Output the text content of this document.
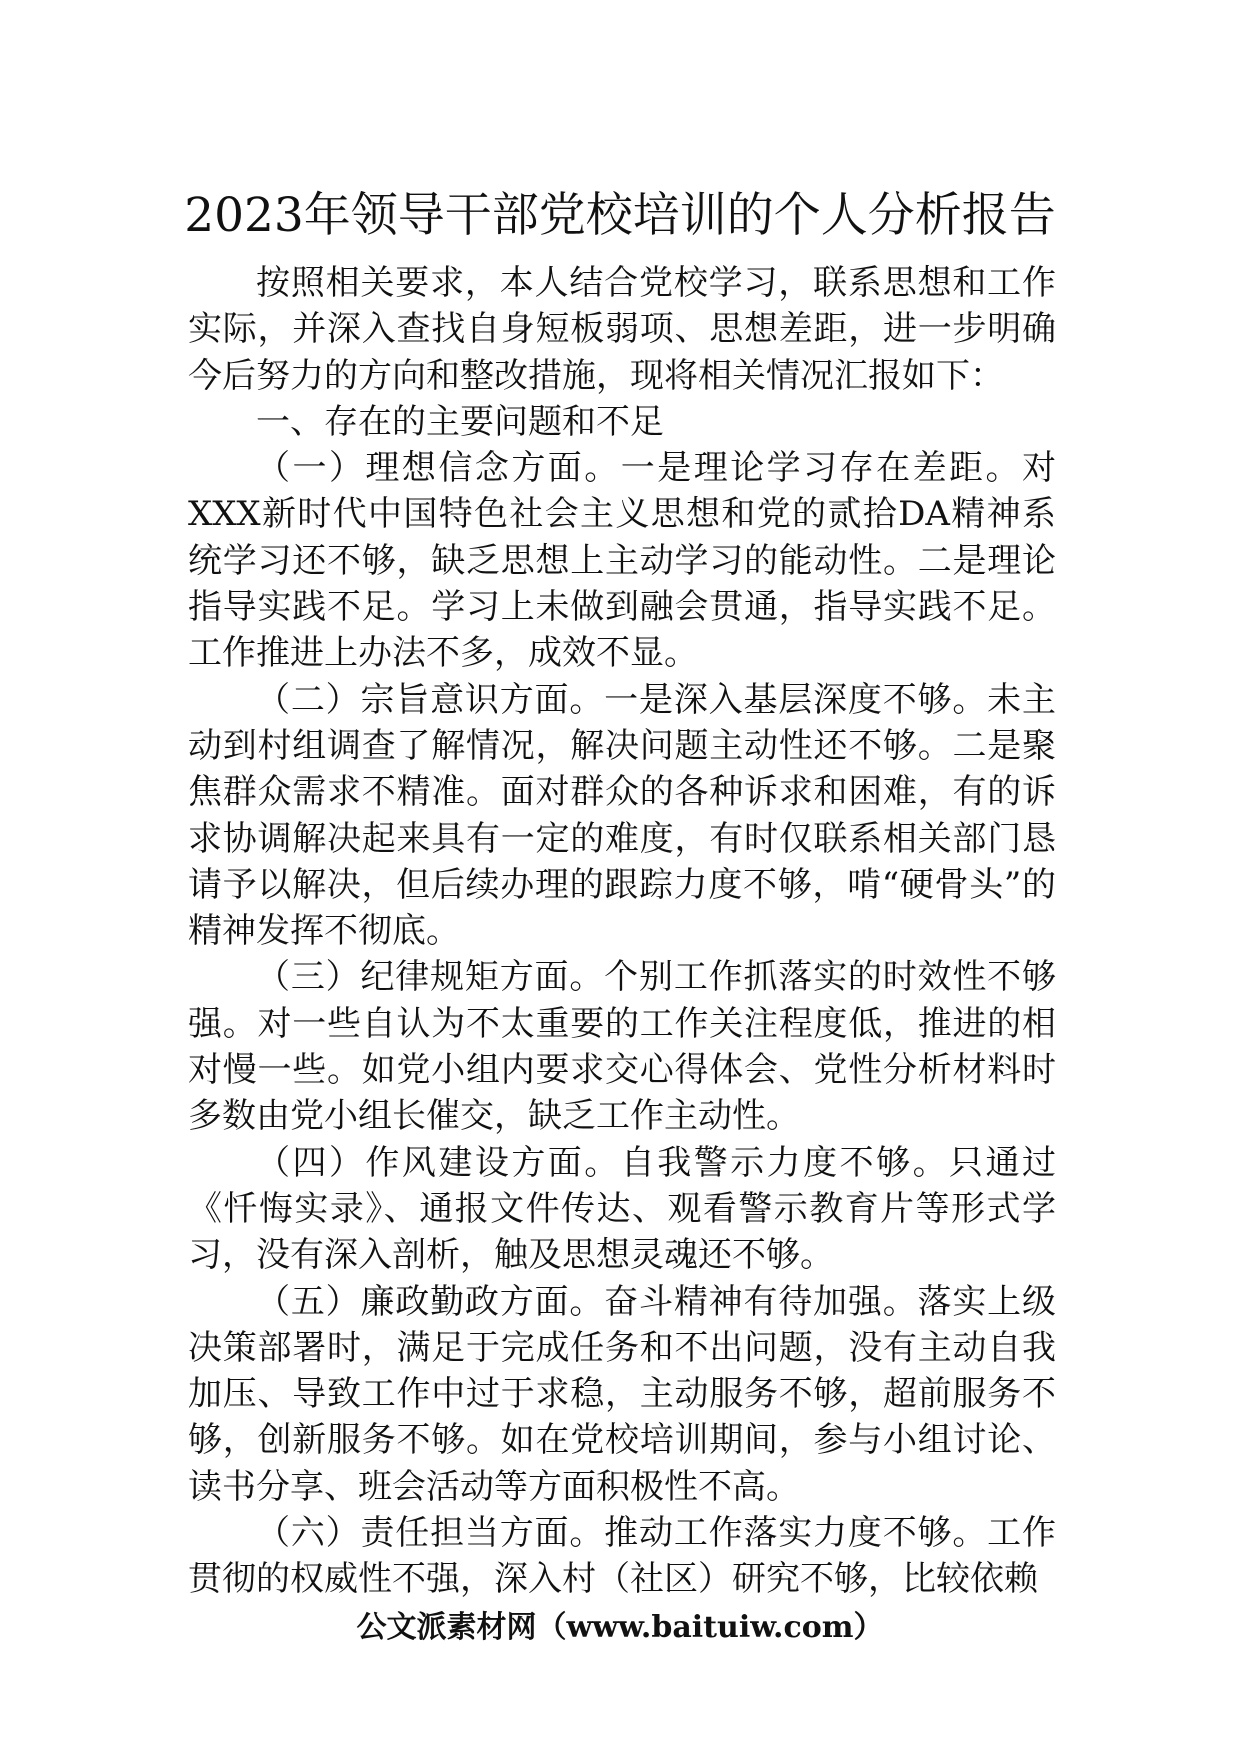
2023年领导干部党校培训的个人分析报告

按照相关要求，本人结合党校学习，联系思想和工作实际，并深入查找自身短板弱项、思想差距，进一步明确今后努力的方向和整改措施，现将相关情况汇报如下：

一、存在的主要问题和不足

（一）理想信念方面。一是理论学习存在差距。对XXX新时代中国特色社会主义思想和党的贰拾DA精神系统学习还不够，缺乏思想上主动学习的能动性。二是理论指导实践不足。学习上未做到融会贯通，指导实践不足。工作推进上办法不多，成效不显。

（二）宗旨意识方面。一是深入基层深度不够。未主动到村组调查了解情况，解决问题主动性还不够。二是聚焦群众需求不精准。面对群众的各种诉求和困难，有的诉求协调解决起来具有一定的难度，有时仅联系相关部门恳请予以解决，但后续办理的跟踪力度不够，啃“硬骨头”的精神发挥不彻底。

（三）纪律规矩方面。个别工作抓落实的时效性不够强。对一些自认为不太重要的工作关注程度低，推进的相对慢一些。如党小组内要求交心得体会、党性分析材料时多数由党小组长催交，缺乏工作主动性。

（四）作风建设方面。自我警示力度不够。只通过《忏悔实录》、通报文件传达、观看警示教育片等形式学习，没有深入剖析，触及思想灵魂还不够。

（五）廉政勤政方面。奋斗精神有待加强。落实上级决策部署时，满足于完成任务和不出问题，没有主动自我加压、导致工作中过于求稳，主动服务不够，超前服务不够，创新服务不够。如在党校培训期间，参与小组讨论、读书分享、班会活动等方面积极性不高。

（六）责任担当方面。推动工作落实力度不够。工作贯彻的权威性不强，深入村（社区）研究不够，比较依赖

公文派素材网（www.baituiw.com）
